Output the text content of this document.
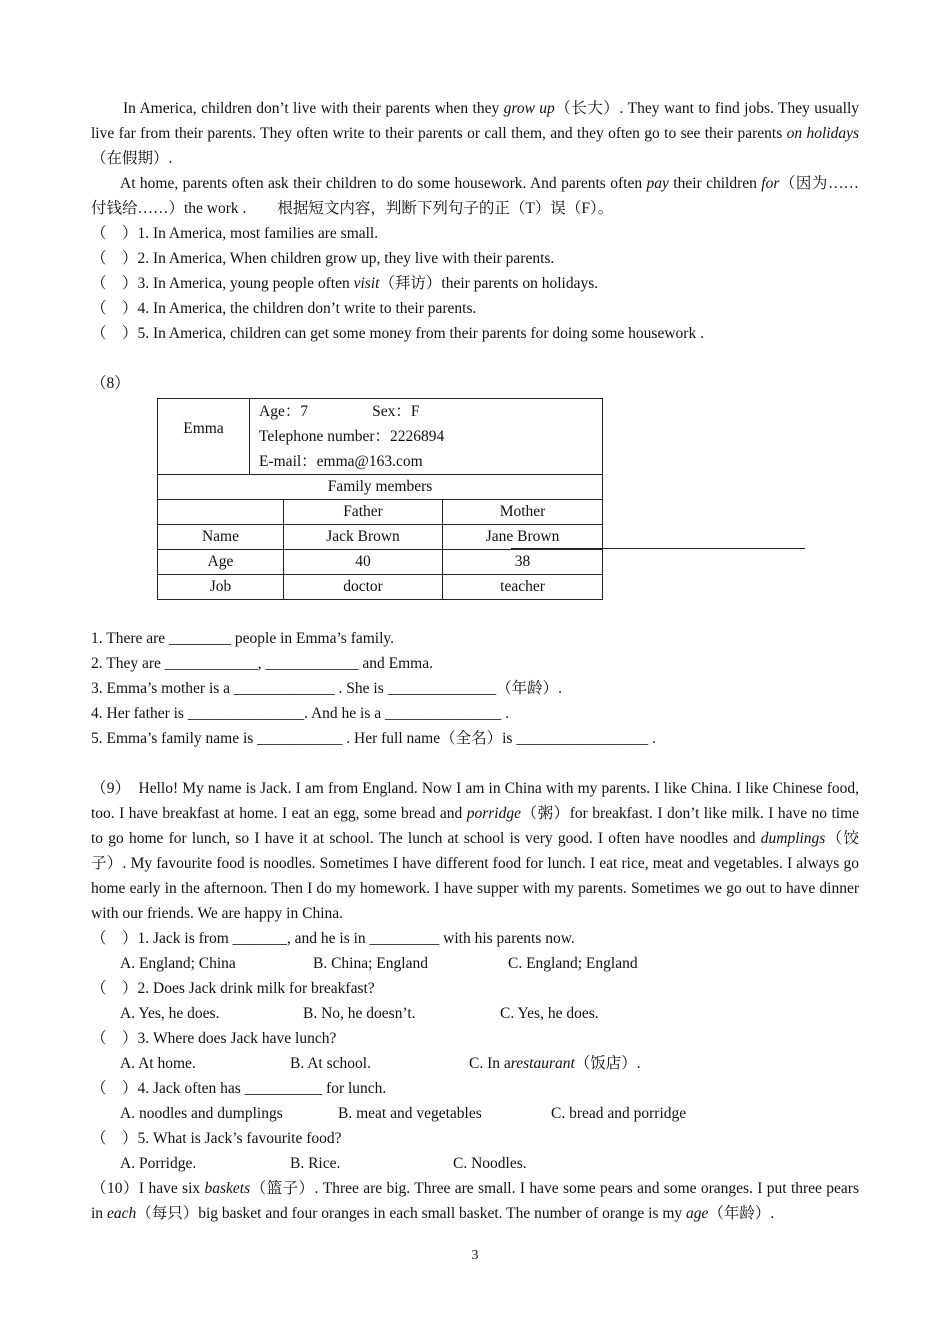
In America, children don’t live with their parents when they grow up（长大）. They want to find jobs. They usually live far from their parents. They often write to their parents or call them, and they often go to see their parents on holidays（在假期）.

At home, parents often ask their children to do some housework. And parents often pay their children for（因为……付钱给……）the work .　　根据短文内容，判断下列句子的正（T）误（F）。

（　）1. In America, most families are small.

（　）2. In America, When children grow up, they live with their parents.

（　）3. In America, young people often visit（拜访）their parents on holidays.

（　）4. In America, the children don’t write to their parents.

（　）5. In America, children can get some money from their parents for doing some housework .

（8）

Emma	Age：7 Sex：F
Telephone number：2226894
E-mail：emma@163.com		

Family members			
		Father	Mother
Name		Jack Brown	Jane Brown
Age		40	38
Job		doctor	teacher

1. There are ________ people in Emma’s family.

2. They are ____________, ____________ and Emma.

3. Emma’s mother is a _____________ . She is ______________（年龄）.

4. Her father is _______________. And he is a _______________ .

5. Emma’s family name is ___________ . Her full name（全名）is _________________ .

（9）　Hello! My name is Jack. I am from England. Now I am in China with my parents. I like China. I like Chinese food, too. I have breakfast at home. I eat an egg, some bread and porridge（粥）for breakfast. I don’t like milk. I have no time to go home for lunch, so I have it at school. The lunch at school is very good. I often have noodles and dumplings（饺子）. My favourite food is noodles. Sometimes I have different food for lunch. I eat rice, meat and vegetables. I always go home early in the afternoon. Then I do my homework. I have supper with my parents. Sometimes we go out to have dinner with our friends. We are happy in China.

（　）1. Jack is from _______, and he is in _________ with his parents now.

A. England; China	B. China; England	C. England; England

（　）2. Does Jack drink milk for breakfast?

A. Yes, he does.	B. No, he doesn’t.	C. Yes, he does.

（　）3. Where does Jack have lunch?

A. At home.	B. At school.	C. In arestaurant（饭店）.

（　）4. Jack often has __________ for lunch.

A. noodles and dumplings	B. meat and vegetables	C. bread and porridge

（　）5. What is Jack’s favourite food?

A. Porridge.	B. Rice.	C. Noodles.

（10）I have six baskets（篮子）. Three are big. Three are small. I have some pears and some oranges. I put three pears in each（每只）big basket and four oranges in each small basket. The number of orange is my age（年龄）.

3
